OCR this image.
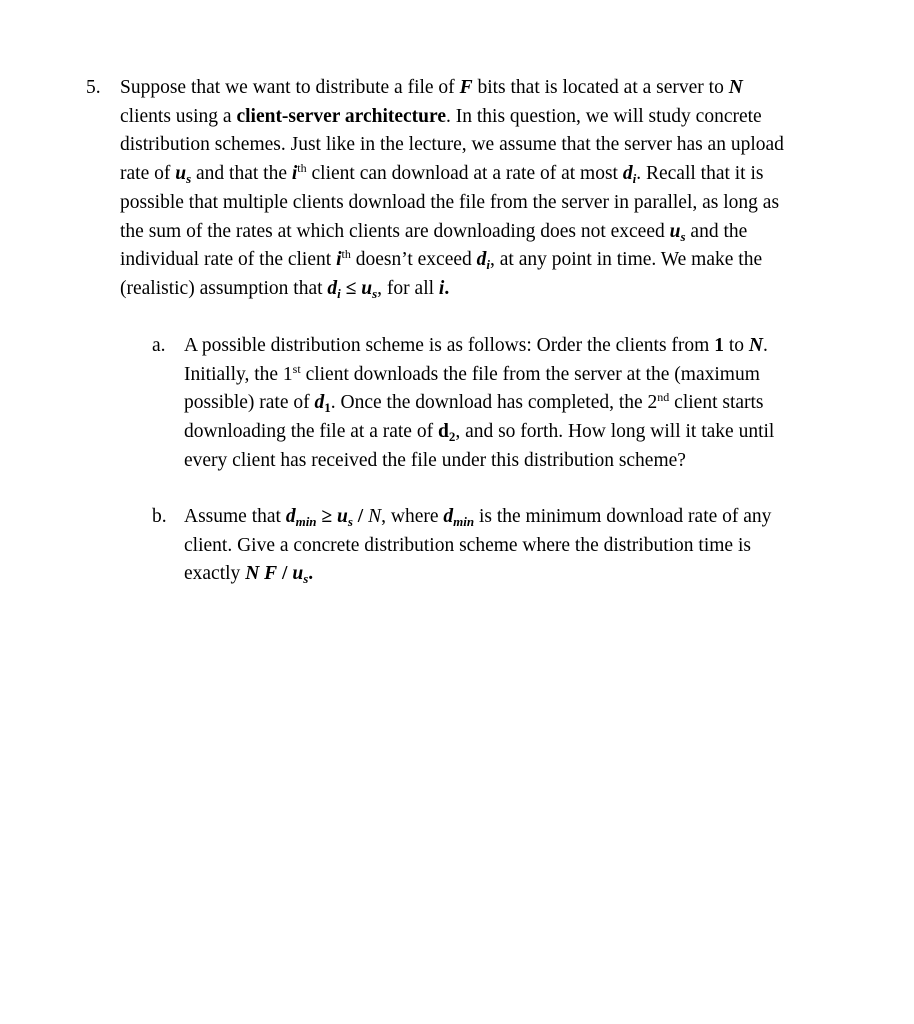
5. Suppose that we want to distribute a file of F bits that is located at a server to N
clients using a client-server architecture. In this question, we will study concrete
distribution schemes. Just like in the lecture, we assume that the server has an upload
rate of $u_s$ and that the $i^{th}$ client can download at a rate of at most $d_i$. Recall that it is
possible that multiple clients download the file from the server in parallel, as long as
the sum of the rates at which clients are downloading does not exceed $u_s$ and the
individual rate of the client $i^{th}$ doesn’t exceed $d_i$, at any point in time. We make the
(realistic) assumption that $d_i \le u_s$, for all i.
a. A possible distribution scheme is as follows: Order the clients from 1 to N.
Initially, the 1st client downloads the file from the server at the (maximum
possible) rate of $d_1$. Once the download has completed, the 2nd client starts
downloading the file at a rate of $d_2$, and so forth. How long will it take until
every client has received the file under this distribution scheme?
b. Assume that $d_{min} \ge u_s / N$, where $d_{min}$ is the minimum download rate of any
client. Give a concrete distribution scheme where the distribution time is
exactly N F / $u_s$.
